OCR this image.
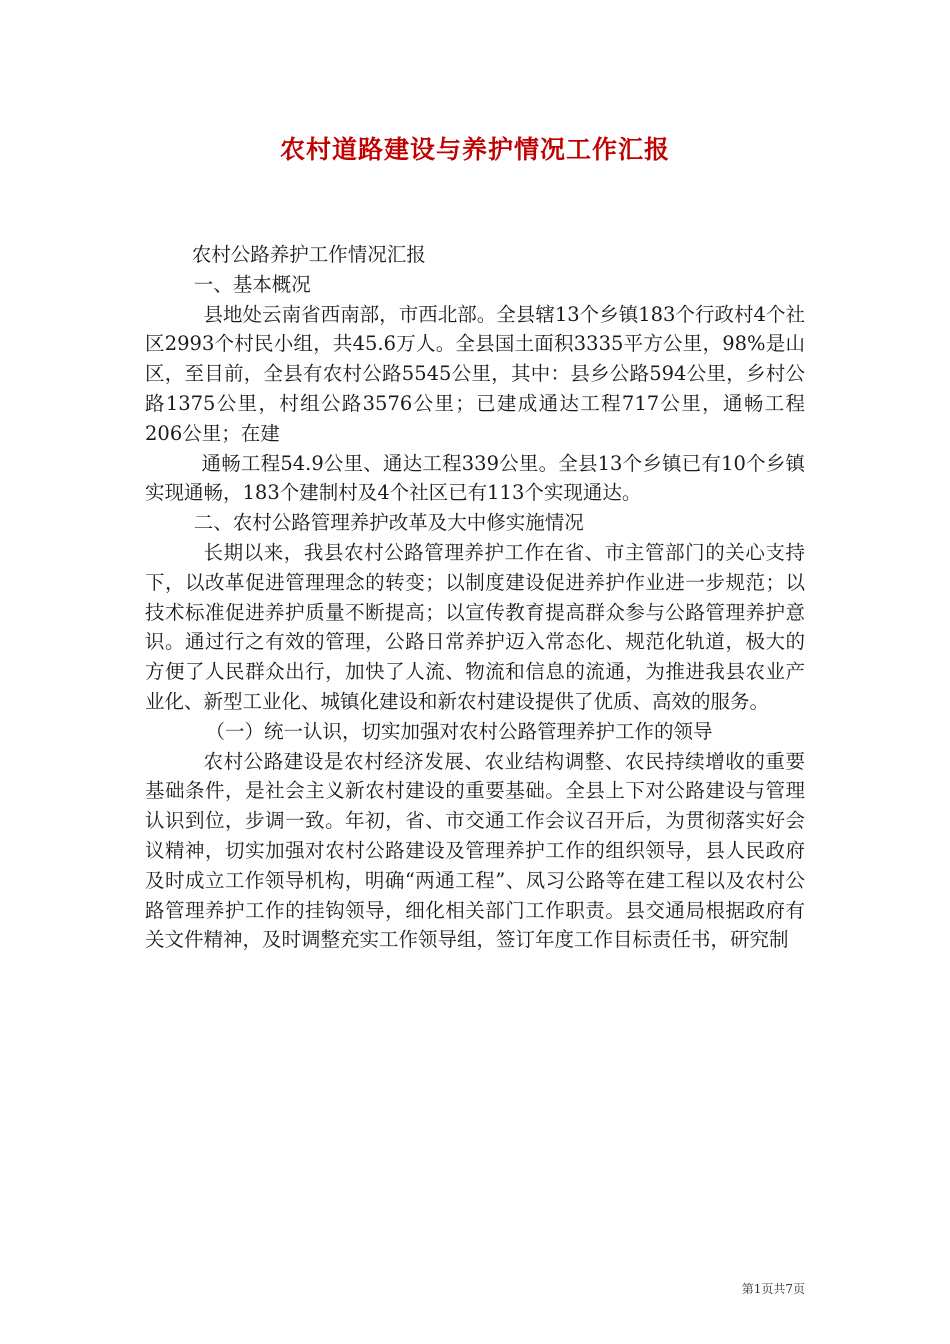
农村道路建设与养护情况工作汇报

农村公路养护工作情况汇报

一、基本概况

县地处云南省西南部，市西北部。全县辖13个乡镇183个行政村4个社区2993个村民小组，共45.6万人。全县国土面积3335平方公里，98%是山区，至目前，全县有农村公路5545公里，其中：县乡公路594公里，乡村公路1375公里，村组公路3576公里；已建成通达工程717公里，通畅工程206公里；在建

通畅工程54.9公里、通达工程339公里。全县13个乡镇已有10个乡镇实现通畅，183个建制村及4个社区已有113个实现通达。

二、农村公路管理养护改革及大中修实施情况

长期以来，我县农村公路管理养护工作在省、市主管部门的关心支持下，以改革促进管理理念的转变；以制度建设促进养护作业进一步规范；以技术标准促进养护质量不断提高；以宣传教育提高群众参与公路管理养护意识。通过行之有效的管理，公路日常养护迈入常态化、规范化轨道，极大的方便了人民群众出行，加快了人流、物流和信息的流通，为推进我县农业产业化、新型工业化、城镇化建设和新农村建设提供了优质、高效的服务。

（一）统一认识，切实加强对农村公路管理养护工作的领导

农村公路建设是农村经济发展、农业结构调整、农民持续增收的重要基础条件，是社会主义新农村建设的重要基础。全县上下对公路建设与管理认识到位，步调一致。年初，省、市交通工作会议召开后，为贯彻落实好会议精神，切实加强对农村公路建设及管理养护工作的组织领导，县人民政府及时成立工作领导机构，明确“两通工程”、凤习公路等在建工程以及农村公路管理养护工作的挂钩领导，细化相关部门工作职责。县交通局根据政府有关文件精神，及时调整充实工作领导组，签订年度工作目标责任书，研究制

第1页共7页
